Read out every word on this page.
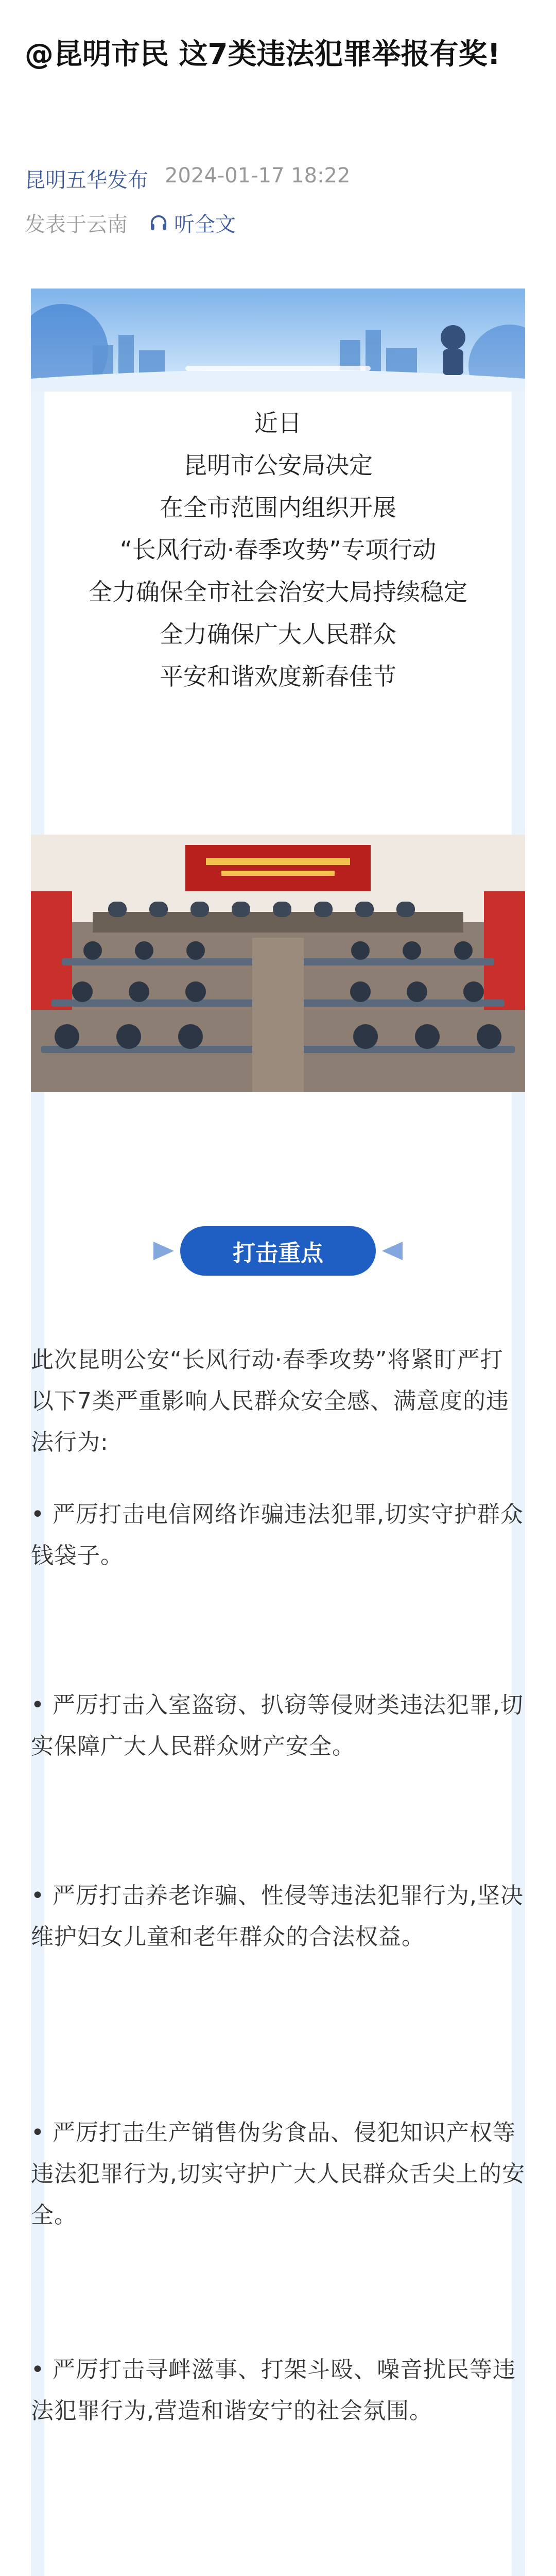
@昆明市民 这7类违法犯罪举报有奖!
昆明五华发布 2024-01-17 18:22
发表于云南 听全文
近日
昆明市公安局决定
在全市范围内组织开展
“长风行动·春季攻势”专项行动
全力确保全市社会治安大局持续稳定
全力确保广大人民群众
平安和谐欢度新春佳节
打击重点

此次昆明公安“长风行动·春季攻势”将紧盯严打以下7类严重影响人民群众安全感、满意度的违法行为:

• 严厉打击电信网络诈骗违法犯罪,切实守护群众钱袋子。

• 严厉打击入室盗窃、扒窃等侵财类违法犯罪,切实保障广大人民群众财产安全。

• 严厉打击养老诈骗、性侵等违法犯罪行为,坚决维护妇女儿童和老年群众的合法权益。

• 严厉打击生产销售伪劣食品、侵犯知识产权等违法犯罪行为,切实守护广大人民群众舌尖上的安全。

• 严厉打击寻衅滋事、打架斗殴、噪音扰民等违法犯罪行为,营造和谐安宁的社会氛围。
